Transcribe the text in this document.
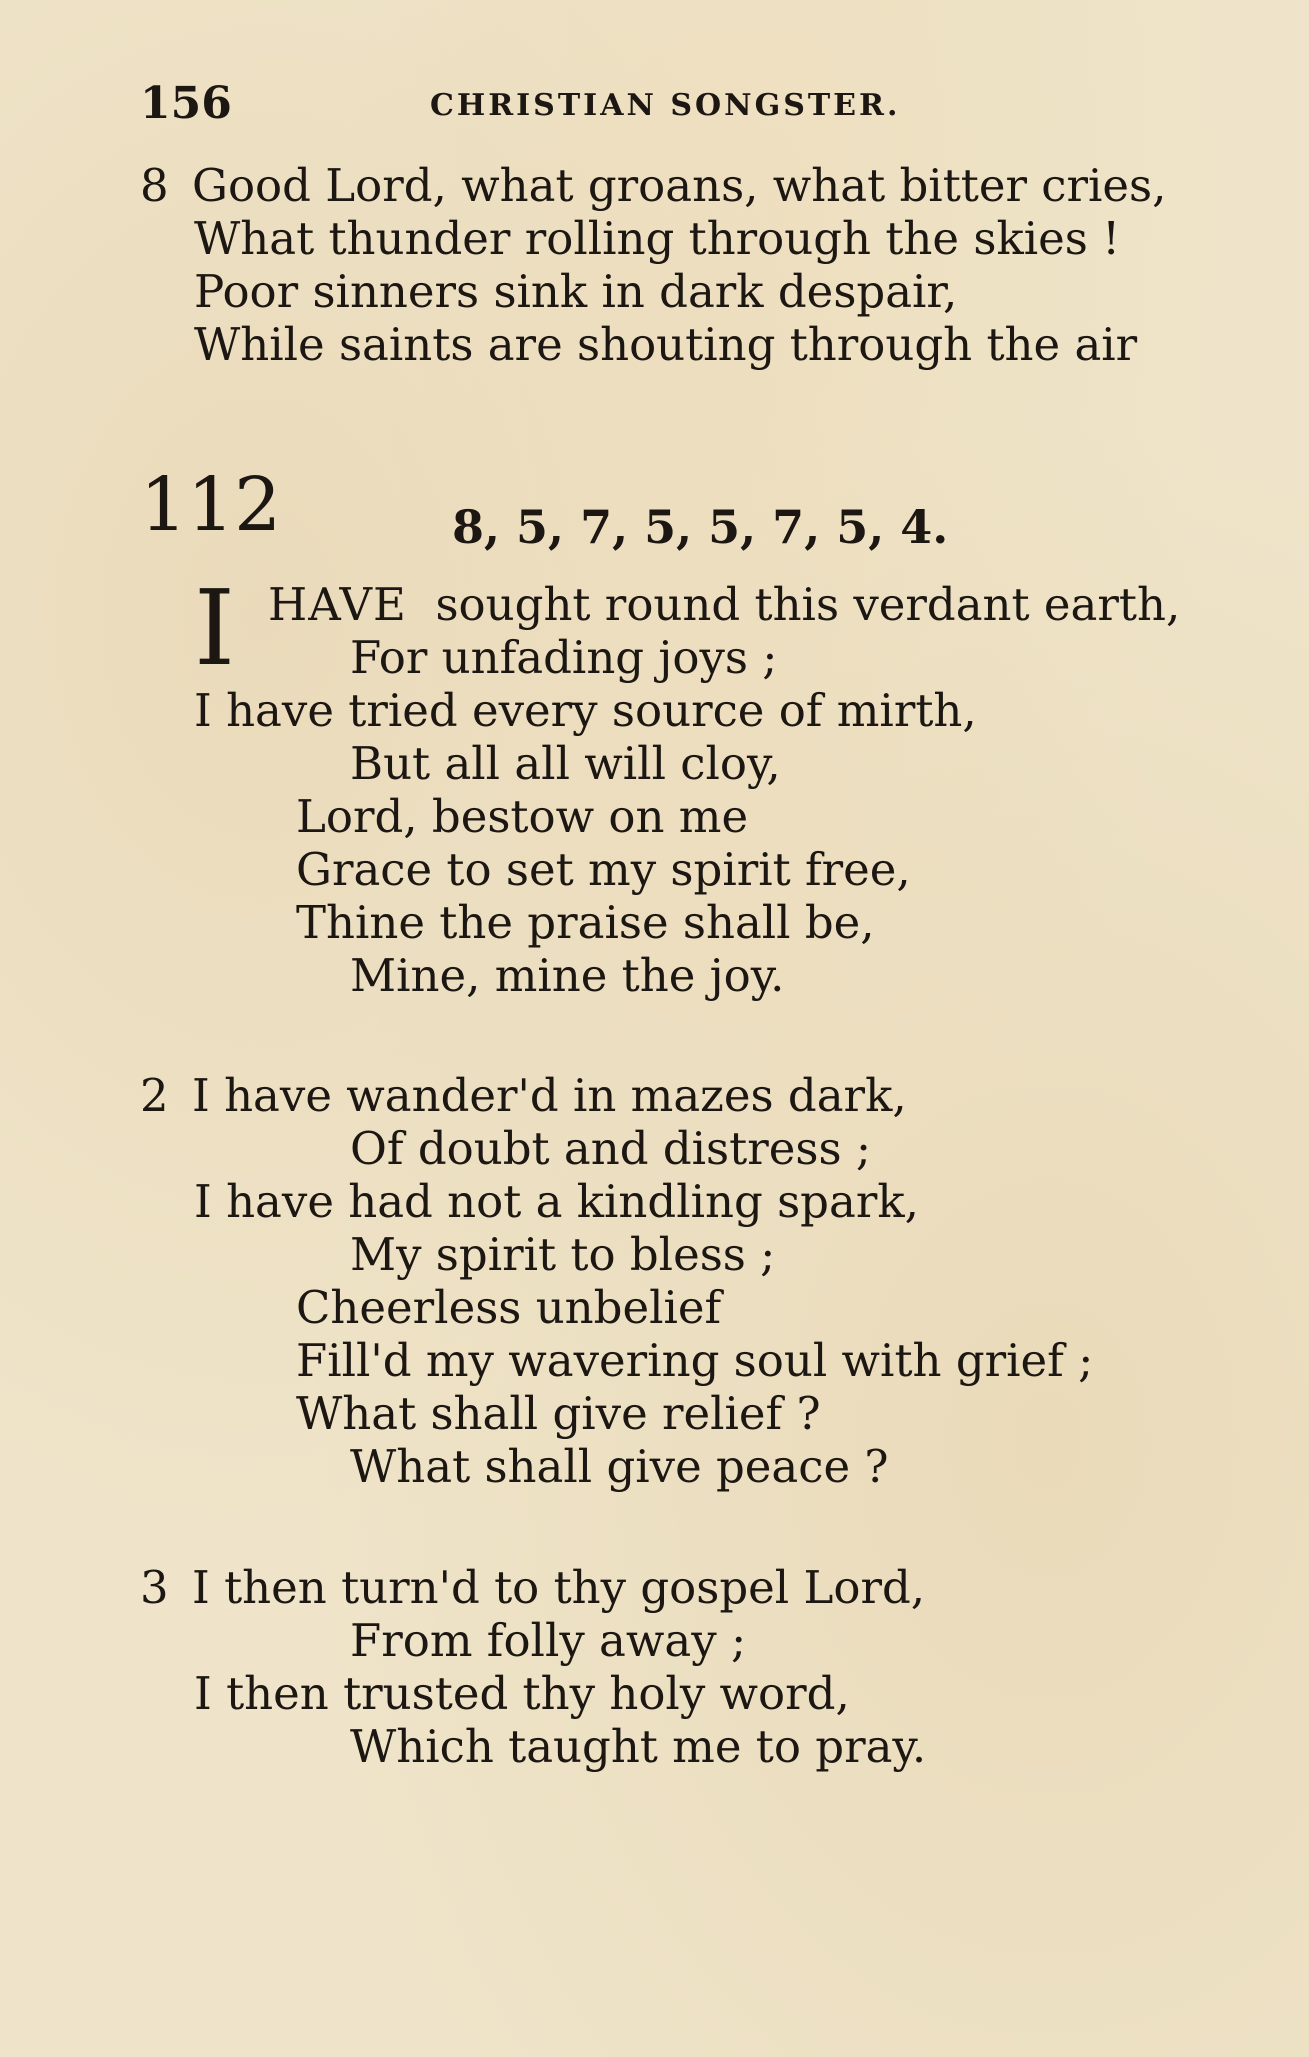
156	CHRISTIAN SONGSTER.
8 Good Lord, what groans, what bitter cries,
What thunder rolling through the skies !
Poor sinners sink in dark despair,
While saints are shouting through the air
112	8, 5, 7, 5, 5, 7, 5, 4.
I HAVE sought round this verdant earth,
For unfading joys ;
I have tried every source of mirth,
But all all will cloy,
Lord, bestow on me
Grace to set my spirit free,
Thine the praise shall be,
Mine, mine the joy.
2 I have wander'd in mazes dark,
Of doubt and distress ;
I have had not a kindling spark,
My spirit to bless ;
Cheerless unbelief
Fill'd my wavering soul with grief ;
What shall give relief ?
What shall give peace ?
3 I then turn'd to thy gospel Lord,
From folly away ;
I then trusted thy holy word,
Which taught me to pray.
